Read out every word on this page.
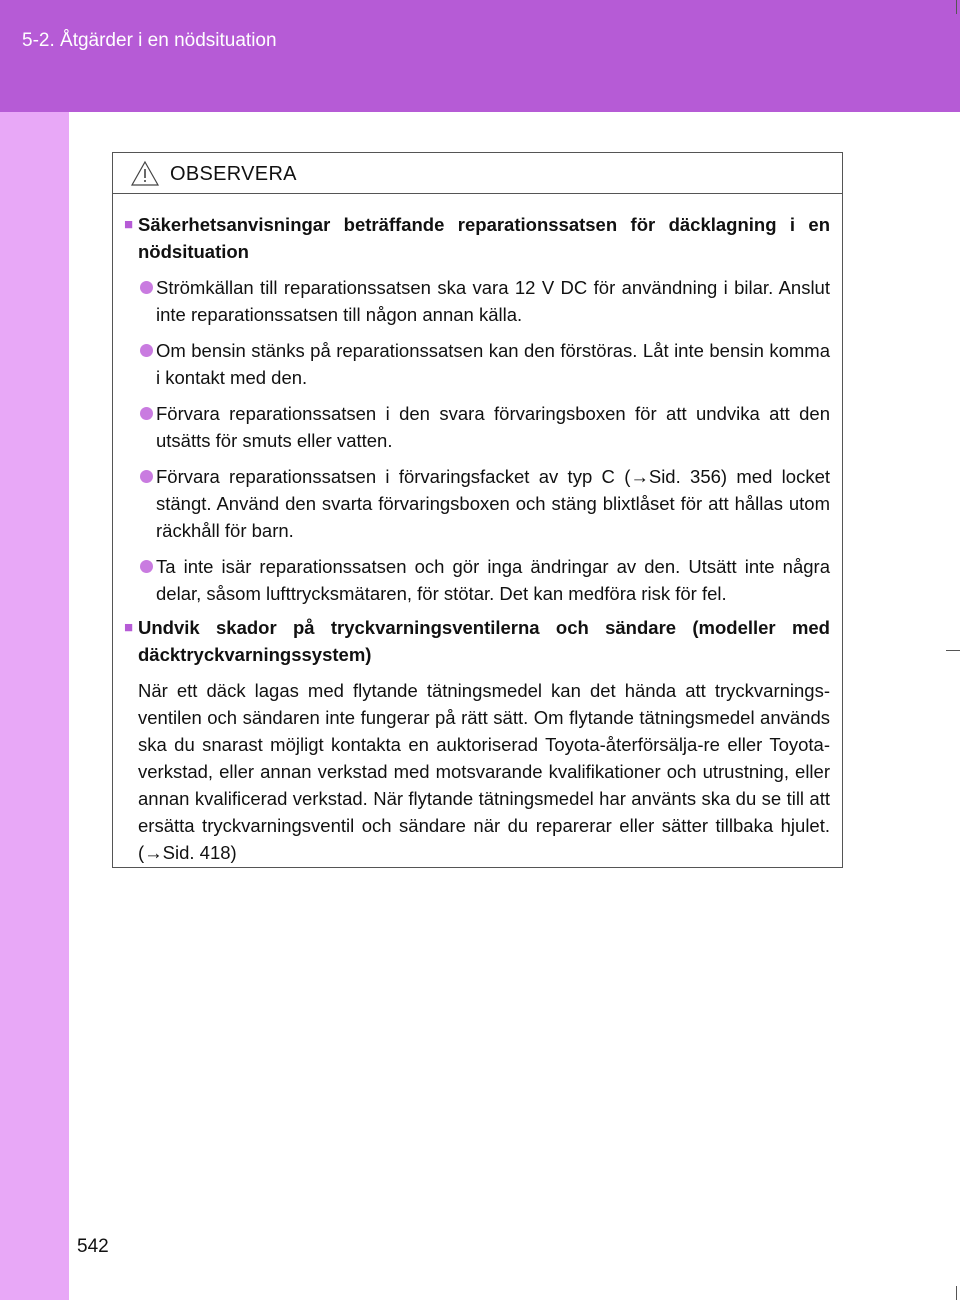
5-2. Åtgärder i en nödsituation
OBSERVERA
■ Säkerhetsanvisningar beträffande reparationssatsen för däcklagning i en nödsituation
Strömkällan till reparationssatsen ska vara 12 V DC för användning i bilar. Anslut inte reparationssatsen till någon annan källa.
Om bensin stänks på reparationssatsen kan den förstöras. Låt inte bensin komma i kontakt med den.
Förvara reparationssatsen i den svara förvaringsboxen för att undvika att den utsätts för smuts eller vatten.
Förvara reparationssatsen i förvaringsfacket av typ C (→Sid. 356) med locket stängt. Använd den svarta förvaringsboxen och stäng blixtlåset för att hållas utom räckhåll för barn.
Ta inte isär reparationssatsen och gör inga ändringar av den. Utsätt inte några delar, såsom lufttrycksmätaren, för stötar. Det kan medföra risk för fel.
■ Undvik skador på tryckvarningsventilerna och sändare (modeller med däcktryckvarningssystem)
När ett däck lagas med flytande tätningsmedel kan det hända att tryckvarnings-ventilen och sändaren inte fungerar på rätt sätt. Om flytande tätningsmedel används ska du snarast möjligt kontakta en auktoriserad Toyota-återförsälja-re eller Toyota-verkstad, eller annan verkstad med motsvarande kvalifikationer och utrustning, eller annan kvalificerad verkstad. När flytande tätningsmedel har använts ska du se till att ersätta tryckvarningsventil och sändare när du reparerar eller sätter tillbaka hjulet. (→Sid. 418)
542
